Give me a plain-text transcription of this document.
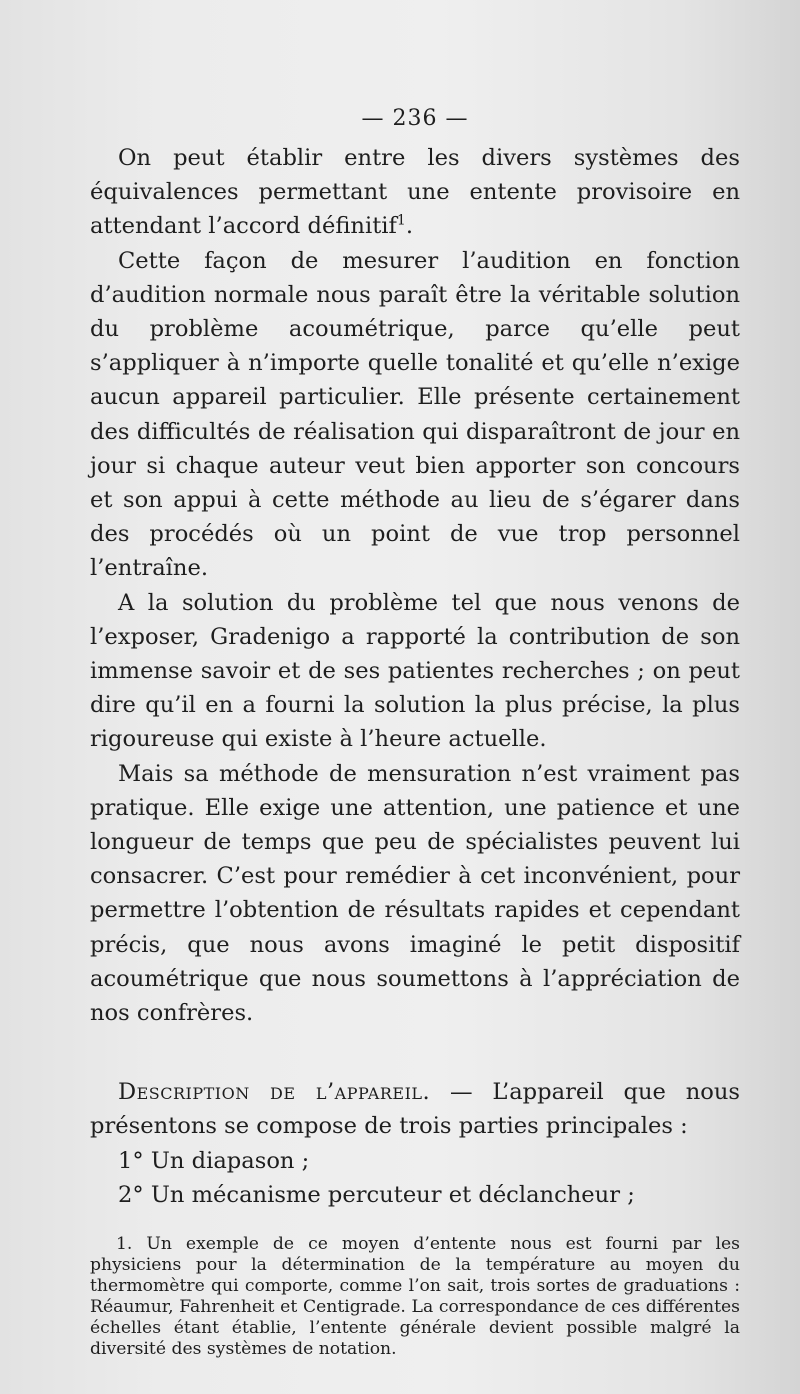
— 236 —

On peut établir entre les divers systèmes des équivalences permettant une entente provisoire en attendant l’accord définitif$^1$.

Cette façon de mesurer l’audition en fonction d’audition normale nous paraît être la véritable solution du problème acoumétrique, parce qu’elle peut s’appliquer à n’importe quelle tonalité et qu’elle n’exige aucun appareil particulier. Elle présente certainement des difficultés de réalisation qui disparaîtront de jour en jour si chaque auteur veut bien apporter son concours et son appui à cette méthode au lieu de s’égarer dans des procédés où un point de vue trop personnel l’entraîne.

A la solution du problème tel que nous venons de l’exposer, Gradenigo a rapporté la contribution de son immense savoir et de ses patientes recherches ; on peut dire qu’il en a fourni la solution la plus précise, la plus rigoureuse qui existe à l’heure actuelle.

Mais sa méthode de mensuration n’est vraiment pas pratique. Elle exige une attention, une patience et une longueur de temps que peu de spécialistes peuvent lui consacrer. C’est pour remédier à cet inconvénient, pour permettre l’obtention de résultats rapides et cependant précis, que nous avons imaginé le petit dispositif acoumétrique que nous soumettons à l’appréciation de nos confrères.

Description de l’appareil. — L’appareil que nous présentons se compose de trois parties principales :

1° Un diapason ;

2° Un mécanisme percuteur et déclancheur ;

1. Un exemple de ce moyen d’entente nous est fourni par les physiciens pour la détermination de la température au moyen du thermomètre qui comporte, comme l’on sait, trois sortes de graduations : Réaumur, Fahrenheit et Centigrade. La correspondance de ces différentes échelles étant établie, l’entente générale devient possible malgré la diversité des systèmes de notation.
